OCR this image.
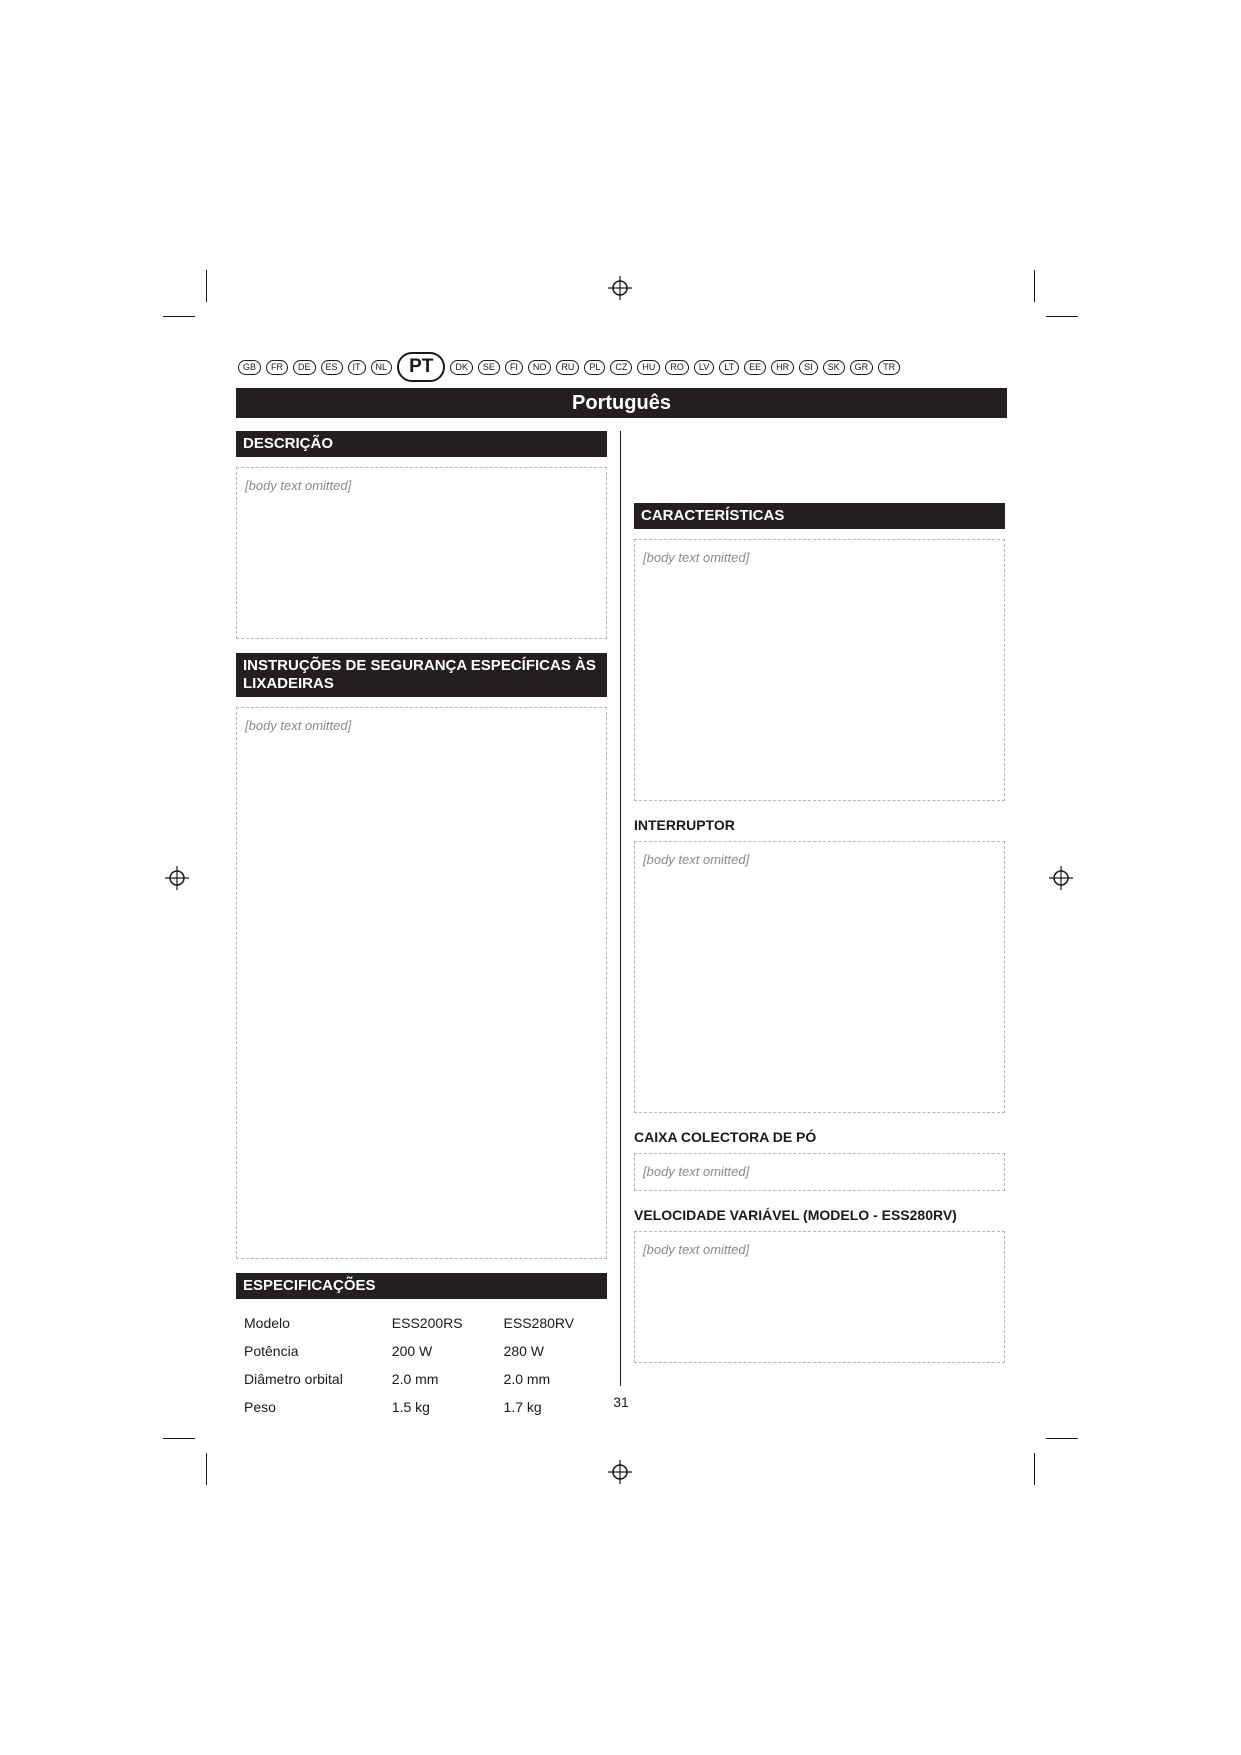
GB	FR	DE	ES	IT	NL	PT	DK	SE	FI	NO	RU	PL	CZ	HU	RO	LV	LT	EE	HR	SI	SK	GR	TR
Português
DESCRIÇÃO
[body text omitted]
INSTRUÇÕES DE SEGURANÇA ESPECÍFICAS ÀS LIXADEIRAS
[body text omitted]
ESPECIFICAÇÕES
Modelo	ESS200RS	ESS280RV
Potência	200 W	280 W
Diâmetro orbital	2.0 mm	2.0 mm
Peso	1.5 kg	1.7 kg
CARACTERÍSTICAS
[body text omitted]
INTERRUPTOR
[body text omitted]
CAIXA COLECTORA DE PÓ
[body text omitted]
VELOCIDADE VARIÁVEL (MODELO - ESS280RV)
[body text omitted]
31
